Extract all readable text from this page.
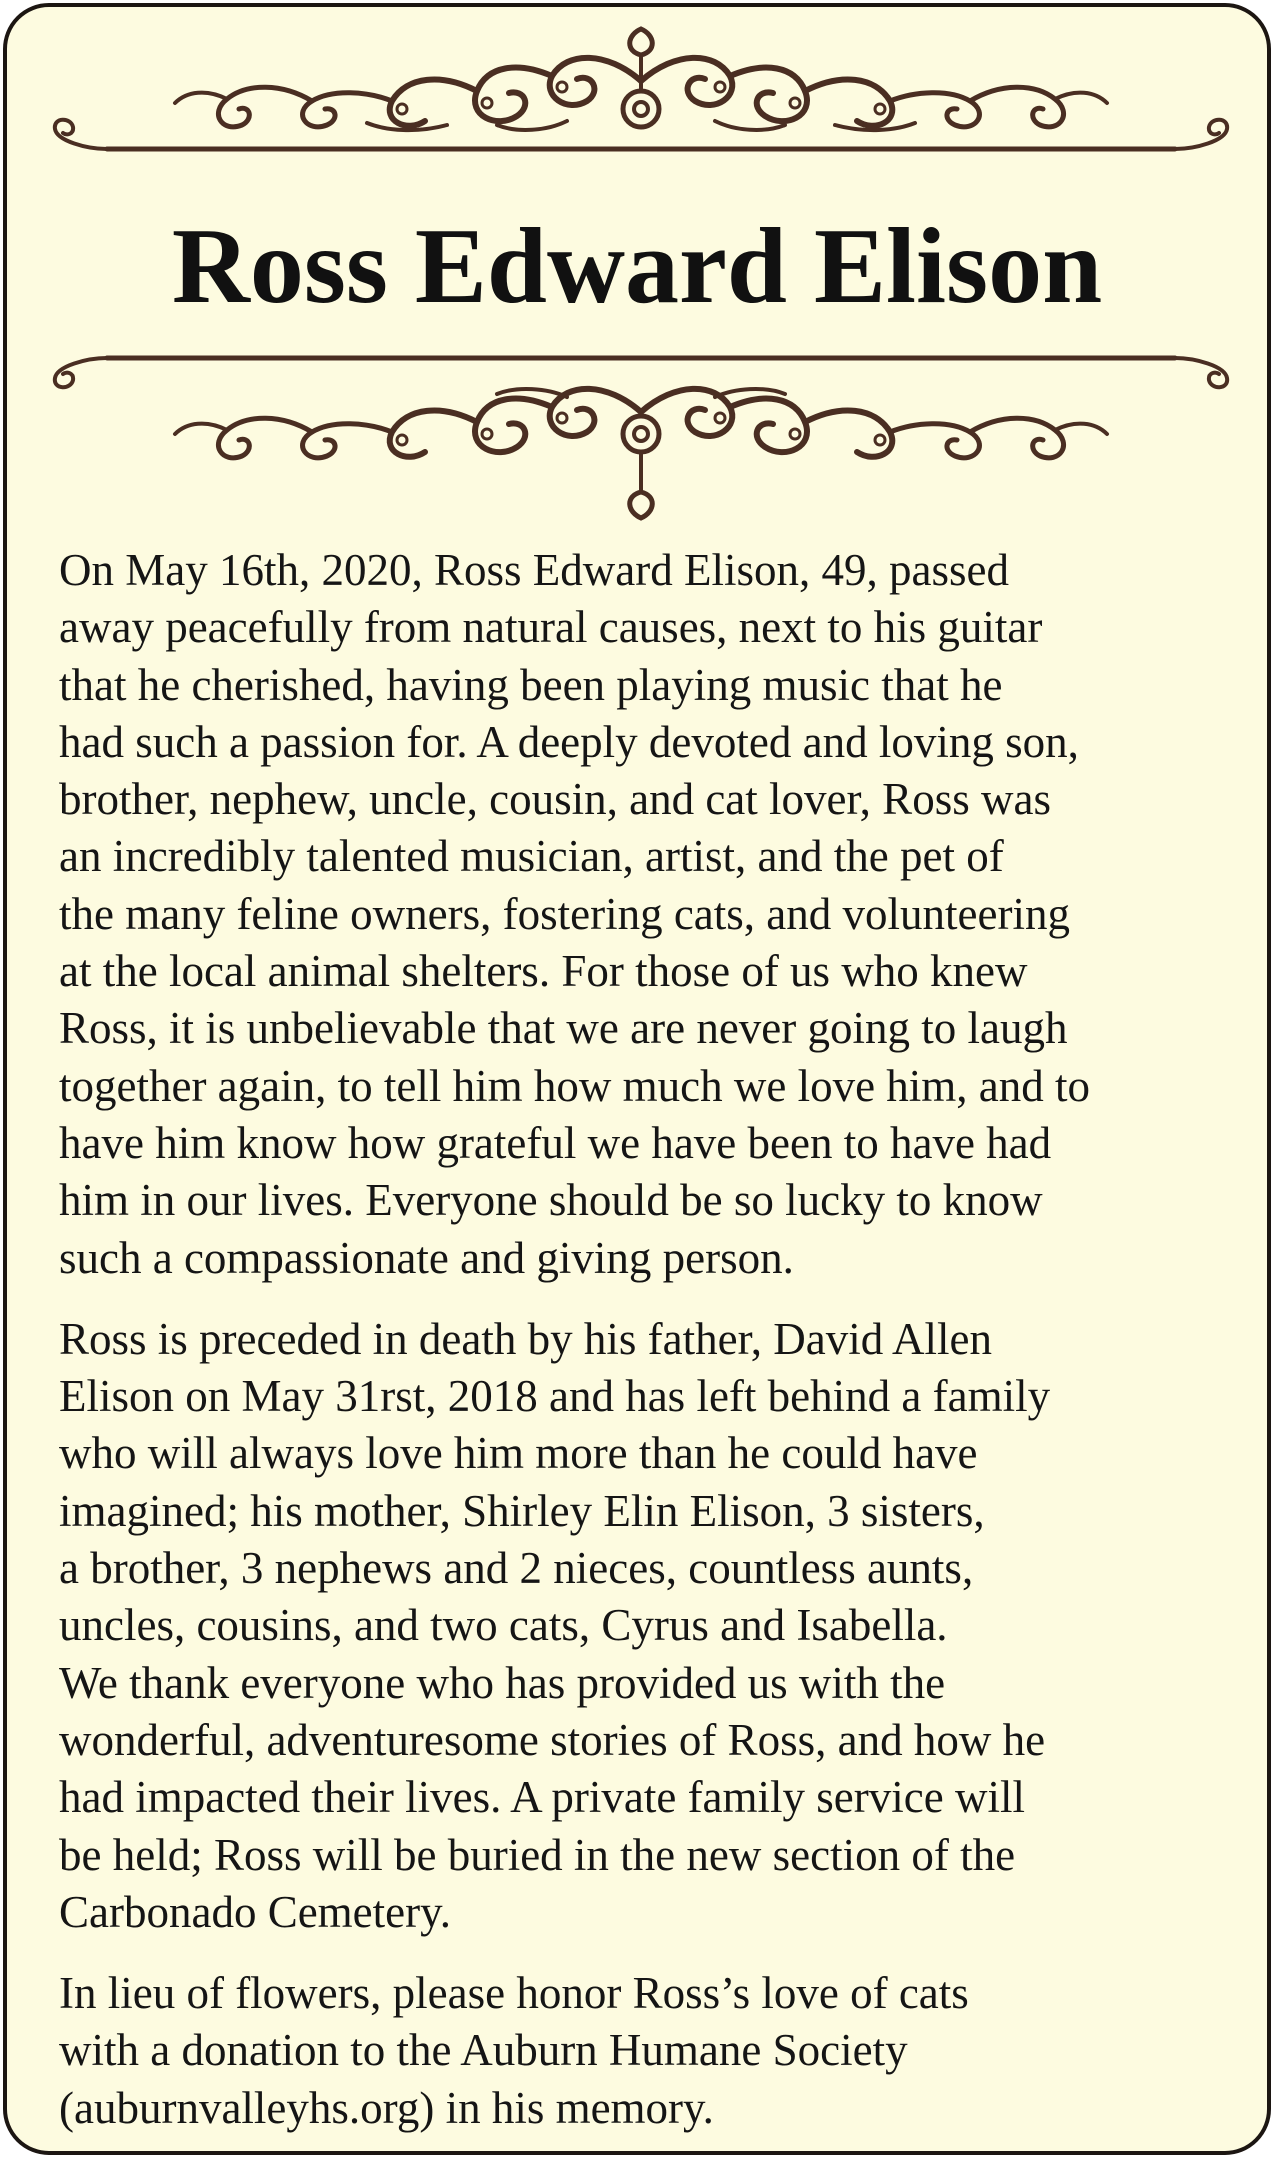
Ross Edward Elison

On May 16th, 2020, Ross Edward Elison, 49, passed
away peacefully from natural causes, next to his guitar
that he cherished, having been playing music that he
had such a passion for. A deeply devoted and loving son,
brother, nephew, uncle, cousin, and cat lover, Ross was
an incredibly talented musician, artist, and the pet of
the many feline owners, fostering cats, and volunteering
at the local animal shelters. For those of us who knew
Ross, it is unbelievable that we are never going to laugh
together again, to tell him how much we love him, and to
have him know how grateful we have been to have had
him in our lives. Everyone should be so lucky to know
such a compassionate and giving person.

Ross is preceded in death by his father, David Allen
Elison on May 31rst, 2018 and has left behind a family
who will always love him more than he could have
imagined; his mother, Shirley Elin Elison, 3 sisters,
a brother, 3 nephews and 2 nieces, countless aunts,
uncles, cousins, and two cats, Cyrus and Isabella.
We thank everyone who has provided us with the
wonderful, adventuresome stories of Ross, and how he
had impacted their lives. A private family service will
be held; Ross will be buried in the new section of the
Carbonado Cemetery.

In lieu of flowers, please honor Ross’s love of cats
with a donation to the Auburn Humane Society
(auburnvalleyhs.org) in his memory.
